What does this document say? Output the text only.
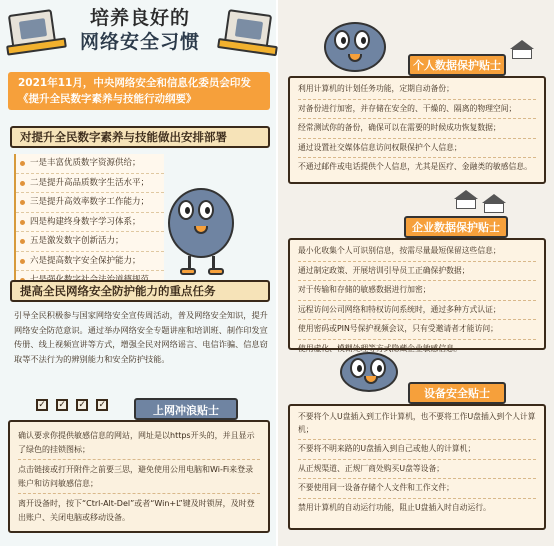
培养良好的
网络安全习惯
2021年11月，中央网络安全和信息化委员会印发《提升全民数字素养与技能行动纲要》
对提升全民数字素养与技能做出安排部署
一是丰富优质数字资源供给；
二是提升高品质数字生活水平；
三是提升高效率数字工作能力；
四是构建终身数字学习体系；
五是激发数字创新活力；
六是提高数字安全保护能力；
提高全民网络安全防护能力的重点任务
引导全民积极参与国家网络安全宣传周活动，普及网络安全知识，提升网络安全防范意识。通过举办网络安全专题讲座和培训班、制作印发宣传册、线上视频宣讲等方式，增强全民对网络谣言、电信诈骗、信息窃取等不法行为的辨别能力和安全防护技能。
✓ ✓ ✓ ✓	上网冲浪贴士
确认要求你提供敏感信息的网站，网址是以https开头的，并且显示了绿色的挂锁图标；
点击链接或打开附件之前要三思，避免使用公用电脑和Wi-Fi来登录账户和访问敏感信息；
离开设备时，按下“Ctrl-Alt-Del”或者“Win+L”键及时锁屏，及时登出账户、关闭电脑或移动设备。
个人数据保护贴士
利用计算机的计划任务功能，定期自动备份；
对备份进行加密，并存储在安全的、干燥的、隔离的物理空间；
经常测试你的备份，确保可以在需要的时候成功恢复数据；
通过设置社交媒体信息访问权限保护个人信息；
不通过邮件或电话提供个人信息，尤其是医疗、金融类的敏感信息。
企业数据保护贴士
最小化收集个人可识别信息，按需尽量最短保留这些信息；
通过制定政策、开展培训引导员工正确保护数据；
对于传输和存储的敏感数据进行加密；
远程访问公司网络和特权访问系统时，通过多种方式认证；
使用密码或PIN号保护视频会议，只有受邀请者才能访问；
使用虚化、模糊处理等方式隐藏企业敏感信息。
设备安全贴士
不要将个人U盘插入到工作计算机，也不要将工作U盘插入到个人计算机；
不要将不明来路的U盘插入到自己或他人的计算机；
从正规渠道、正规厂商处购买U盘等设备；
不要使用同一设备存储个人文件和工作文件；
禁用计算机的自动运行功能，阻止U盘插入时自动运行。
